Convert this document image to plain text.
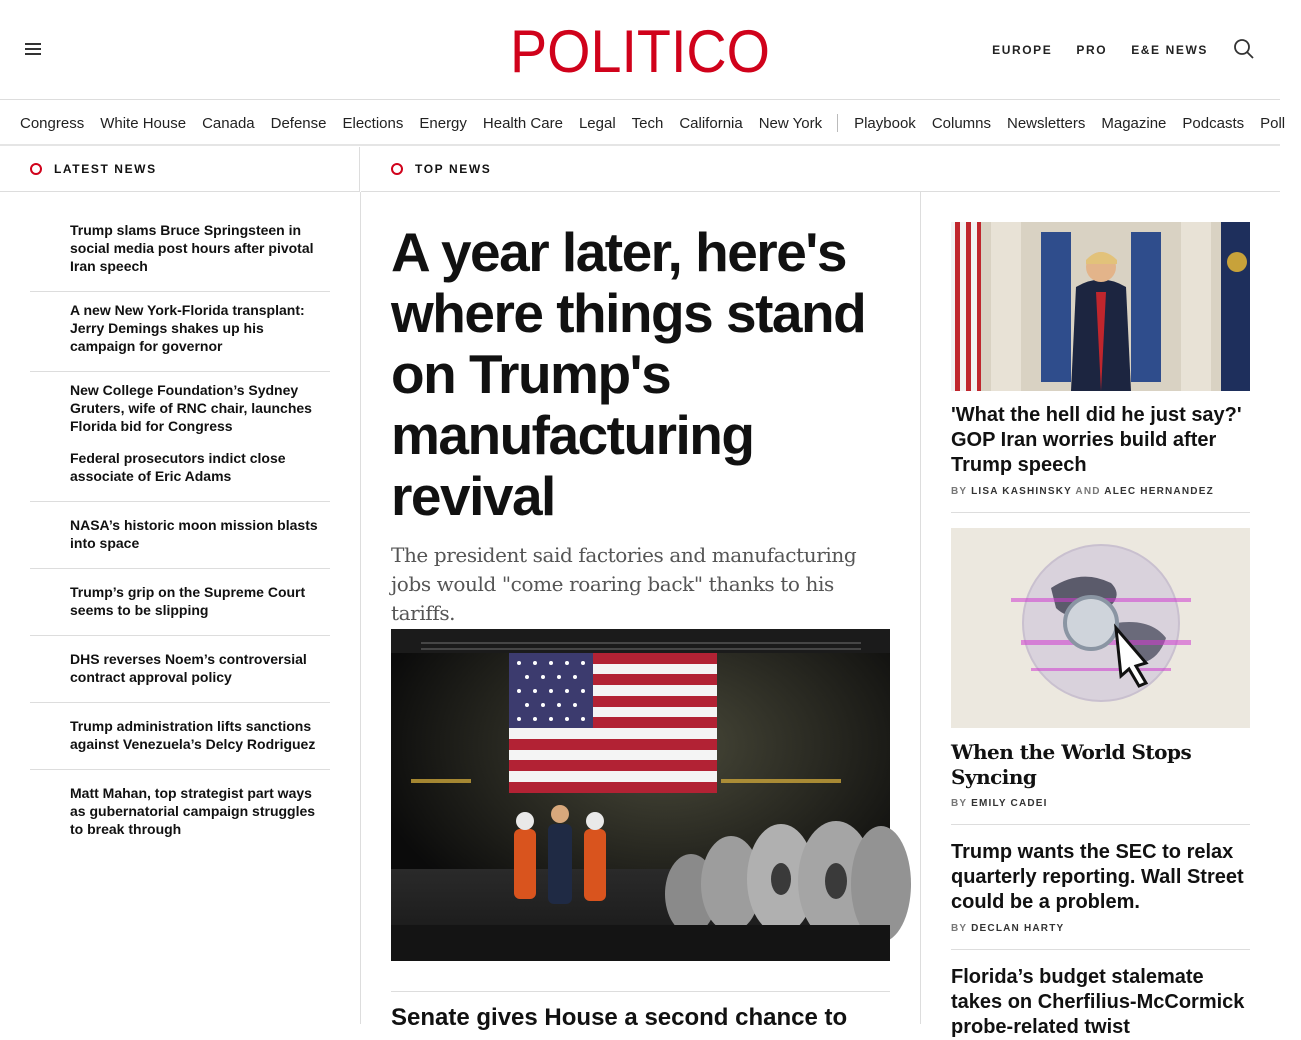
POLITICO	EUROPE PRO E&E NEWS
Congress White House Canada Defense Elections Energy Health Care Legal Tech California New York Playbook Columns Newsletters Magazine Podcasts Poll
LATEST NEWS	TOP NEWS
Trump slams Bruce Springsteen in social media post hours after pivotal Iran speech
A new New York-Florida transplant: Jerry Demings shakes up his campaign for governor
New College Foundation’s Sydney Gruters, wife of RNC chair, launches Florida bid for Congress
Federal prosecutors indict close associate of Eric Adams
NASA’s historic moon mission blasts into space
Trump’s grip on the Supreme Court seems to be slipping
DHS reverses Noem’s controversial contract approval policy
Trump administration lifts sanctions against Venezuela’s Delcy Rodriguez
Matt Mahan, top strategist part ways as gubernatorial campaign struggles to break through
A year later, here's where things stand on Trump's manufacturing revival

The president said factories and manufacturing jobs would "come roaring back" thanks to his tariffs.

Senate gives House a second chance to
'What the hell did he just say?' GOP Iran worries build after Trump speech
BY LISA KASHINSKY AND ALEC HERNANDEZ
When the World Stops Syncing
BY EMILY CADEI
Trump wants the SEC to relax quarterly reporting. Wall Street could be a problem.
BY DECLAN HARTY
Florida’s budget stalemate takes on Cherfilius-McCormick probe-related twist
